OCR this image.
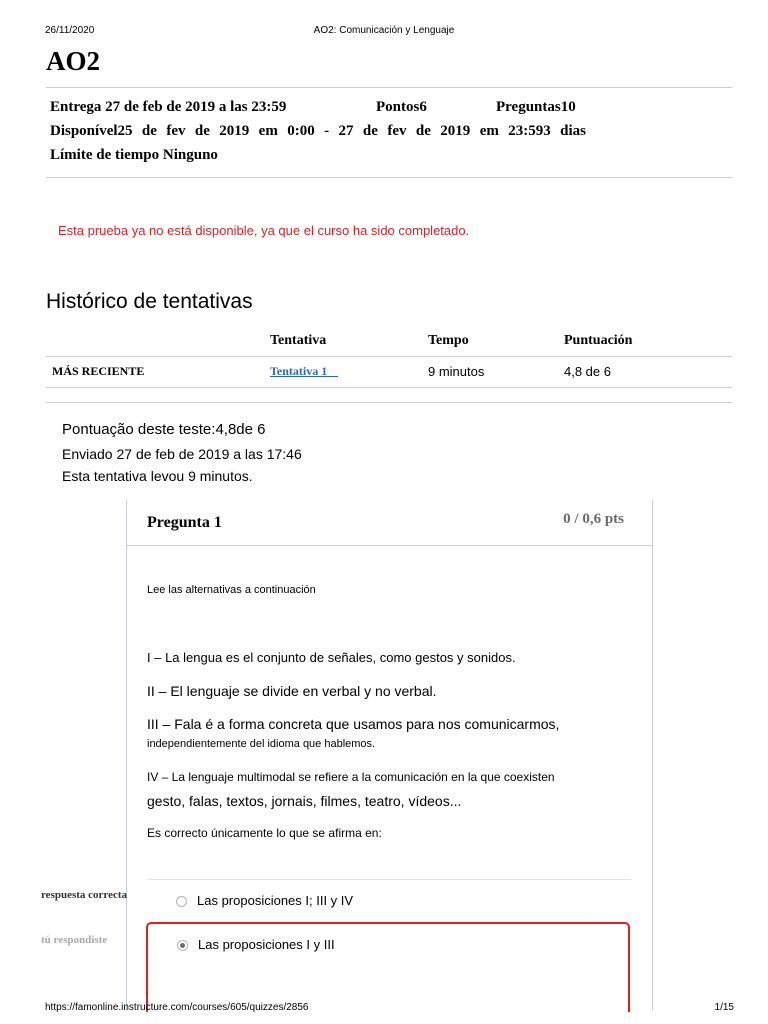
26/11/2020	AO2: Comunicación y Lenguaje
AO2
Entrega 27 de feb de 2019 a las 23:59	Pontos6	Preguntas10
Disponível25 de fev de 2019 em 0:00 - 27 de fev de 2019 em 23:593 dias
Límite de tiempo Ninguno
Esta prueba ya no está disponible, ya que el curso ha sido completado.
Histórico de tentativas
	Tentativa	Tempo	Puntuación
MÁS RECIENTE	Tentativa 1	9 minutos	4,8 de 6
Pontuação deste teste:4,8de 6
Enviado 27 de feb de 2019 a las 17:46
Esta tentativa levou 9 minutos.
Pregunta 1	0 / 0,6 pts
Lee las alternativas a continuación
I – La lengua es el conjunto de señales, como gestos y sonidos.
II – El lenguaje se divide en verbal y no verbal.
III – Fala é a forma concreta que usamos para nos comunicarmos,
independientemente del idioma que hablemos.
IV – La lenguaje multimodal se refiere a la comunicación en la que coexisten
gesto, falas, textos, jornais, filmes, teatro, vídeos...
Es correcto únicamente lo que se afirma en:
respuesta correcta	Las proposiciones I; III y IV
tú respondiste	Las proposiciones I y III
https://famonline.instructure.com/courses/605/quizzes/2856	1/15
